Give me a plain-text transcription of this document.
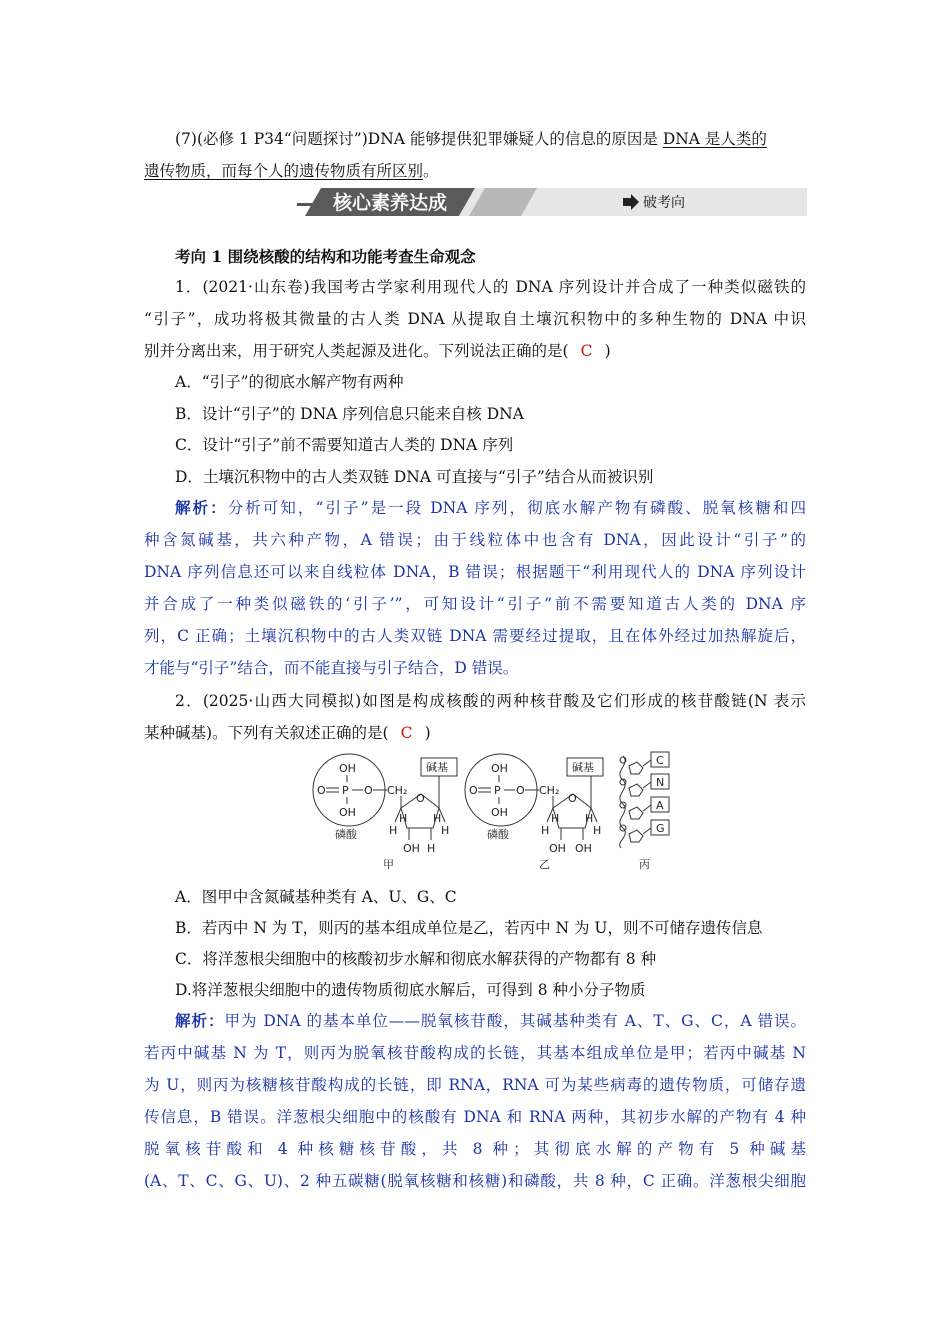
(7)(必修 1 P34“问题探讨”)DNA 能够提供犯罪嫌疑人的信息的原因是 DNA 是人类的
遗传物质，而每个人的遗传物质有所区别。
核心素养达成	破考向
考向 1 围绕核酸的结构和功能考查生命观念
1．(2021·山东卷)我国考古学家利用现代人的 DNA 序列设计并合成了一种类似磁铁的
“引子”，成功将极其微量的古人类 DNA 从提取自土壤沉积物中的多种生物的 DNA 中识
别并分离出来，用于研究人类起源及进化。下列说法正确的是( C )
A．“引子”的彻底水解产物有两种
B．设计“引子”的 DNA 序列信息只能来自核 DNA
C．设计“引子”前不需要知道古人类的 DNA 序列
D．土壤沉积物中的古人类双链 DNA 可直接与“引子”结合从而被识别
解析：分析可知，“引子”是一段 DNA 序列，彻底水解产物有磷酸、脱氧核糖和四
种含氮碱基，共六种产物，A 错误；由于线粒体中也含有 DNA，因此设计“引子”的
DNA 序列信息还可以来自线粒体 DNA，B 错误；根据题干“利用现代人的 DNA 序列设计
并合成了一种类似磁铁的‘引子’”，可知设计“引子”前不需要知道古人类的 DNA 序
列，C 正确；土壤沉积物中的古人类双链 DNA 需要经过提取，且在体外经过加热解旋后，
才能与“引子”结合，而不能直接与引子结合，D 错误。
2．(2025·山西大同模拟)如图是构成核酸的两种核苷酸及它们形成的核苷酸链(N 表示
某种碱基)。下列有关叙述正确的是( C )
OH
O P O
OH
CH₂
O
碱基
H
H H
H
OH H
磷酸
甲
OH
O P O
OH
CH₂
O
碱基
H
H H
H
OH OH
磷酸
乙
C
N
A
G
丙
A．图甲中含氮碱基种类有 A、U、G、C
B．若丙中 N 为 T，则丙的基本组成单位是乙，若丙中 N 为 U，则不可储存遗传信息
C．将洋葱根尖细胞中的核酸初步水解和彻底水解获得的产物都有 8 种
D.将洋葱根尖细胞中的遗传物质彻底水解后，可得到 8 种小分子物质
解析：甲为 DNA 的基本单位——脱氧核苷酸，其碱基种类有 A、T、G、C，A 错误。
若丙中碱基 N 为 T，则丙为脱氧核苷酸构成的长链，其基本组成单位是甲；若丙中碱基 N
为 U，则丙为核糖核苷酸构成的长链，即 RNA，RNA 可为某些病毒的遗传物质，可储存遗
传信息，B 错误。洋葱根尖细胞中的核酸有 DNA 和 RNA 两种，其初步水解的产物有 4 种
脱氧核苷酸和 4 种核糖核苷酸，共 8 种；其彻底水解的产物有 5 种碱基
(A、T、C、G、U)、2 种五碳糖(脱氧核糖和核糖)和磷酸，共 8 种，C 正确。洋葱根尖细胞
